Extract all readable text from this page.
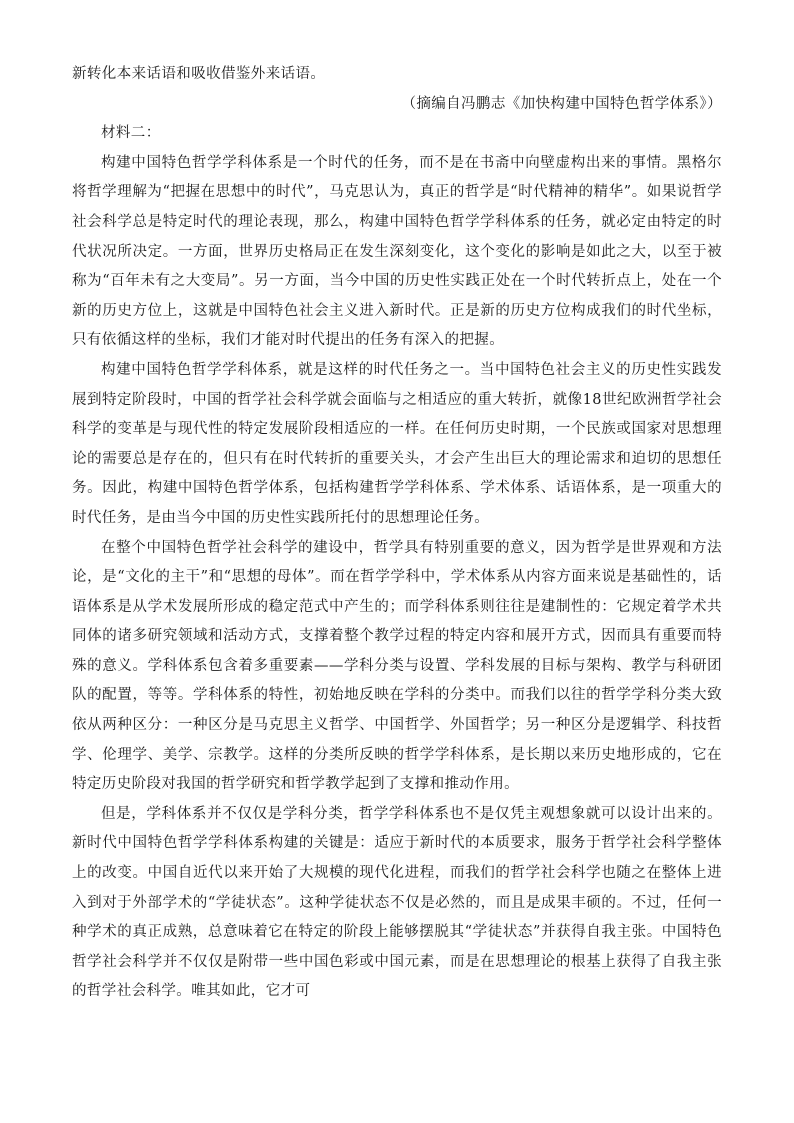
新转化本来话语和吸收借鉴外来话语。

（摘编自冯鹏志《加快构建中国特色哲学体系》）

材料二：

构建中国特色哲学学科体系是一个时代的任务，而不是在书斋中向壁虚构出来的事情。黑格尔将哲学理解为“把握在思想中的时代”，马克思认为，真正的哲学是“时代精神的精华”。如果说哲学社会科学总是特定时代的理论表现，那么，构建中国特色哲学学科体系的任务，就必定由特定的时代状况所决定。一方面，世界历史格局正在发生深刻变化，这个变化的影响是如此之大，以至于被称为“百年未有之大变局”。另一方面，当今中国的历史性实践正处在一个时代转折点上，处在一个新的历史方位上，这就是中国特色社会主义进入新时代。正是新的历史方位构成我们的时代坐标，只有依循这样的坐标，我们才能对时代提出的任务有深入的把握。

构建中国特色哲学学科体系，就是这样的时代任务之一。当中国特色社会主义的历史性实践发展到特定阶段时，中国的哲学社会科学就会面临与之相适应的重大转折，就像18世纪欧洲哲学社会科学的变革是与现代性的特定发展阶段相适应的一样。在任何历史时期，一个民族或国家对思想理论的需要总是存在的，但只有在时代转折的重要关头，才会产生出巨大的理论需求和迫切的思想任务。因此，构建中国特色哲学体系，包括构建哲学学科体系、学术体系、话语体系，是一项重大的时代任务，是由当今中国的历史性实践所托付的思想理论任务。

在整个中国特色哲学社会科学的建设中，哲学具有特别重要的意义，因为哲学是世界观和方法论，是“文化的主干”和“思想的母体”。而在哲学学科中，学术体系从内容方面来说是基础性的，话语体系是从学术发展所形成的稳定范式中产生的；而学科体系则往往是建制性的：它规定着学术共同体的诸多研究领域和活动方式，支撑着整个教学过程的特定内容和展开方式，因而具有重要而特殊的意义。学科体系包含着多重要素——学科分类与设置、学科发展的目标与架构、教学与科研团队的配置，等等。学科体系的特性，初始地反映在学科的分类中。而我们以往的哲学学科分类大致依从两种区分：一种区分是马克思主义哲学、中国哲学、外国哲学；另一种区分是逻辑学、科技哲学、伦理学、美学、宗教学。这样的分类所反映的哲学学科体系，是长期以来历史地形成的，它在特定历史阶段对我国的哲学研究和哲学教学起到了支撑和推动作用。

但是，学科体系并不仅仅是学科分类，哲学学科体系也不是仅凭主观想象就可以设计出来的。新时代中国特色哲学学科体系构建的关键是：适应于新时代的本质要求，服务于哲学社会科学整体上的改变。中国自近代以来开始了大规模的现代化进程，而我们的哲学社会科学也随之在整体上进入到对于外部学术的“学徒状态”。这种学徒状态不仅是必然的，而且是成果丰硕的。不过，任何一种学术的真正成熟，总意味着它在特定的阶段上能够摆脱其“学徒状态”并获得自我主张。中国特色哲学社会科学并不仅仅是附带一些中国色彩或中国元素，而是在思想理论的根基上获得了自我主张的哲学社会科学。唯其如此，它才可
